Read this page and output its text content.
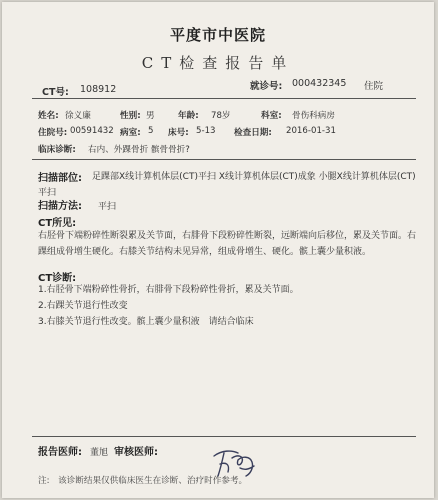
平度市中医院
CT检查报告单
CT号: 108912	就诊号: 000432345 住院
姓名: 徐义廉	性别: 男	年龄: 78岁	科室: 骨伤科病房
住院号: 00591432 病室: 5 床号: 5-13 检查日期: 2016-01-31
临床诊断: 右内、外踝骨折 髌骨骨折?
扫描部位:	足踝部X线计算机体层(CT)平扫 X线计算机体层(CT)成象 小腿X线计算机体层(CT)平扫
扫描方法: 平扫
CT所见:
右胫骨下端粉碎性断裂累及关节面，右腓骨下段粉碎性断裂，远断端向后移位，累及关节面。右踝组成骨增生硬化。右膝关节结构未见异常，组成骨增生、硬化。髌上囊少量积液。
CT诊断:
1.右胫骨下端粉碎性骨折，右腓骨下段粉碎性骨折，累及关节面。
2.右踝关节退行性改变
3.右膝关节退行性改变。髌上囊少量积液　请结合临床
报告医师: 董旭 审核医师:
注:　该诊断结果仅供临床医生在诊断、治疗时作参考。
